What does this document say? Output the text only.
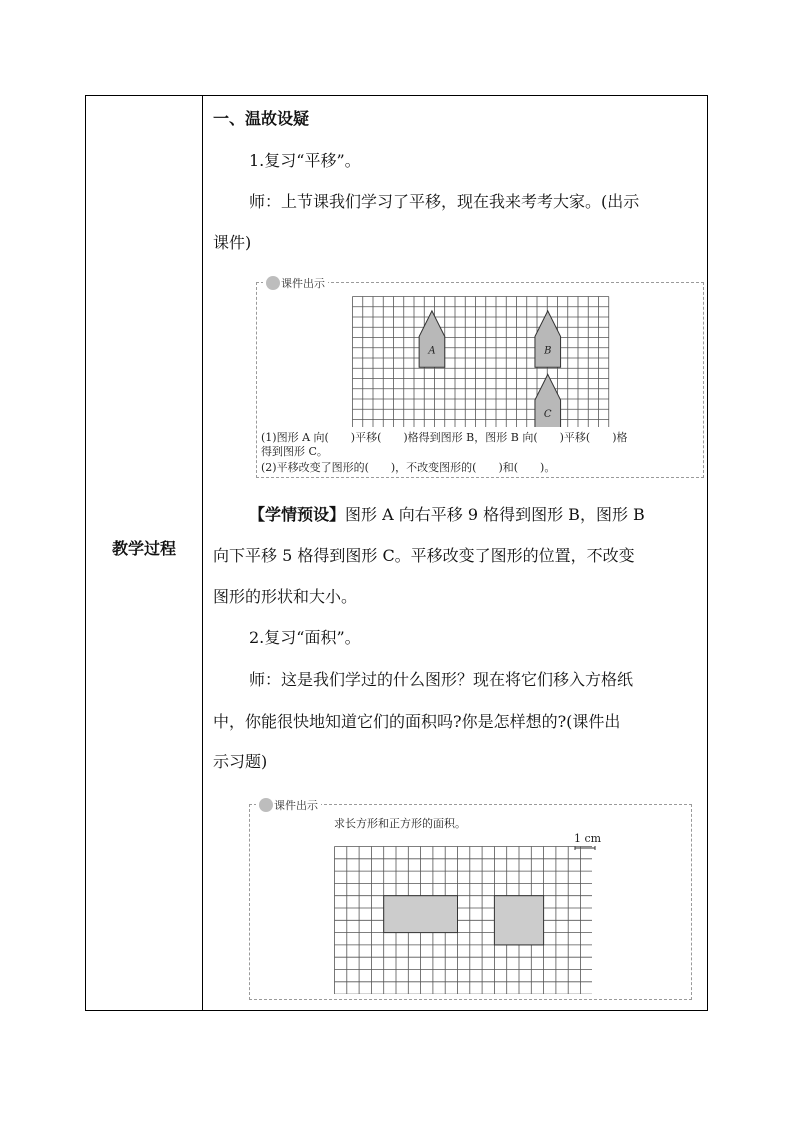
教学过程
一、温故设疑
1.复习“平移”。
师：上节课我们学习了平移，现在我来考考大家。(出示
课件)
课件出示
A	B
C
(1)图形 A 向(　　)平移(　　)格得到图形 B，图形 B 向(　　)平移(　　)格
得到图形 C。
(2)平移改变了图形的(　　)，不改变图形的(　　)和(　　)。
【学情预设】图形 A 向右平移 9 格得到图形 B，图形 B
向下平移 5 格得到图形 C。平移改变了图形的位置，不改变
图形的形状和大小。
2.复习“面积”。
师：这是我们学过的什么图形？现在将它们移入方格纸
中，你能很快地知道它们的面积吗?你是怎样想的?(课件出
示习题)
课件出示
求长方形和正方形的面积。
1 cm
